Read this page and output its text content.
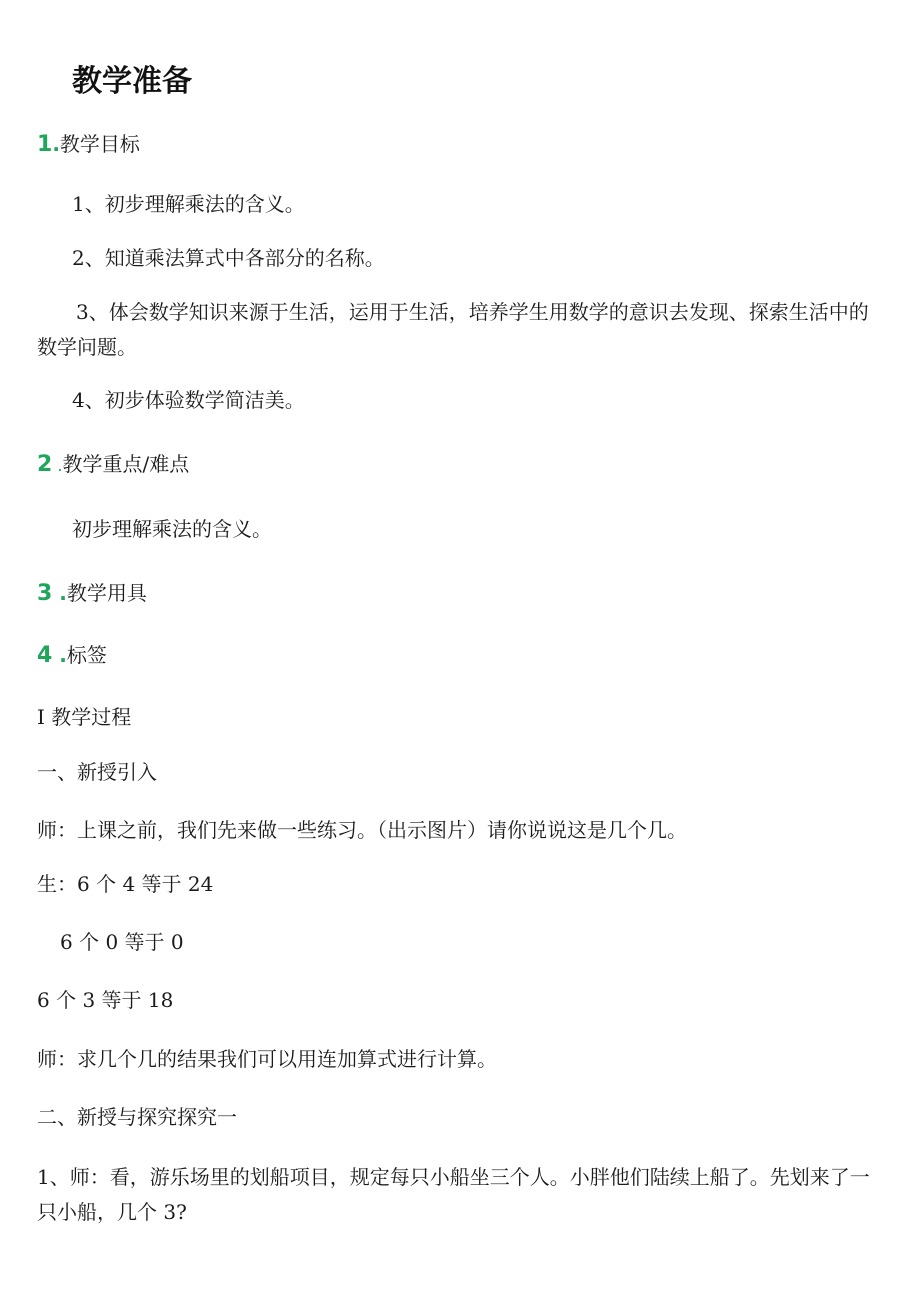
教学准备
1.教学目标
1、初步理解乘法的含义。
2、知道乘法算式中各部分的名称。
3、体会数学知识来源于生活，运用于生活，培养学生用数学的意识去发现、探索生活中的数学问题。
4、初步体验数学简洁美。
2 .教学重点/难点
初步理解乘法的含义。
3 .教学用具
4 .标签
I 教学过程
一、新授引入
师：上课之前，我们先来做一些练习。（出示图片）请你说说这是几个几。
生：6 个 4 等于 24
6 个 0 等于 0
6 个 3 等于 18
师：求几个几的结果我们可以用连加算式进行计算。
二、新授与探究探究一
1、师：看，游乐场里的划船项目，规定每只小船坐三个人。小胖他们陆续上船了。先划来了一只小船，几个 3?
